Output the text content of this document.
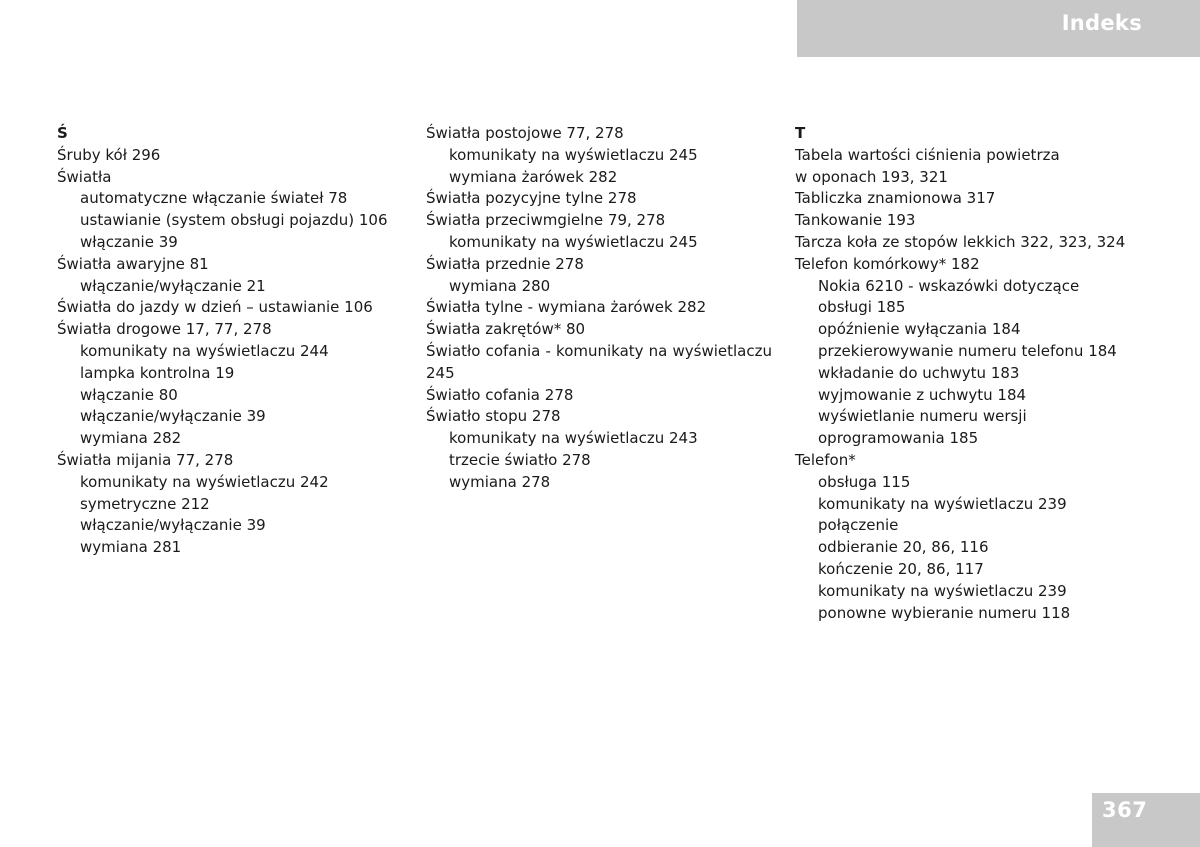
Indeks
Ś
Śruby kół 296
Światła
automatyczne włączanie świateł 78
ustawianie (system obsługi pojazdu) 106
włączanie 39
Światła awaryjne 81
włączanie/wyłączanie 21
Światła do jazdy w dzień – ustawianie 106
Światła drogowe 17, 77, 278
komunikaty na wyświetlaczu 244
lampka kontrolna 19
włączanie 80
włączanie/wyłączanie 39
wymiana 282
Światła mijania 77, 278
komunikaty na wyświetlaczu 242
symetryczne 212
włączanie/wyłączanie 39
wymiana 281
Światła postojowe 77, 278
komunikaty na wyświetlaczu 245
wymiana żarówek 282
Światła pozycyjne tylne 278
Światła przeciwmgielne 79, 278
komunikaty na wyświetlaczu 245
Światła przednie 278
wymiana 280
Światła tylne - wymiana żarówek 282
Światła zakrętów* 80
Światło cofania - komunikaty na wyświetlaczu
245
Światło cofania 278
Światło stopu 278
komunikaty na wyświetlaczu 243
trzecie światło 278
wymiana 278
T
Tabela wartości ciśnienia powietrza
w oponach 193, 321
Tabliczka znamionowa 317
Tankowanie 193
Tarcza koła ze stopów lekkich 322, 323, 324
Telefon komórkowy* 182
Nokia 6210 - wskazówki dotyczące
obsługi 185
opóźnienie wyłączania 184
przekierowywanie numeru telefonu 184
wkładanie do uchwytu 183
wyjmowanie z uchwytu 184
wyświetlanie numeru wersji
oprogramowania 185
Telefon*
obsługa 115
komunikaty na wyświetlaczu 239
połączenie
odbieranie 20, 86, 116
kończenie 20, 86, 117
komunikaty na wyświetlaczu 239
ponowne wybieranie numeru 118
367
